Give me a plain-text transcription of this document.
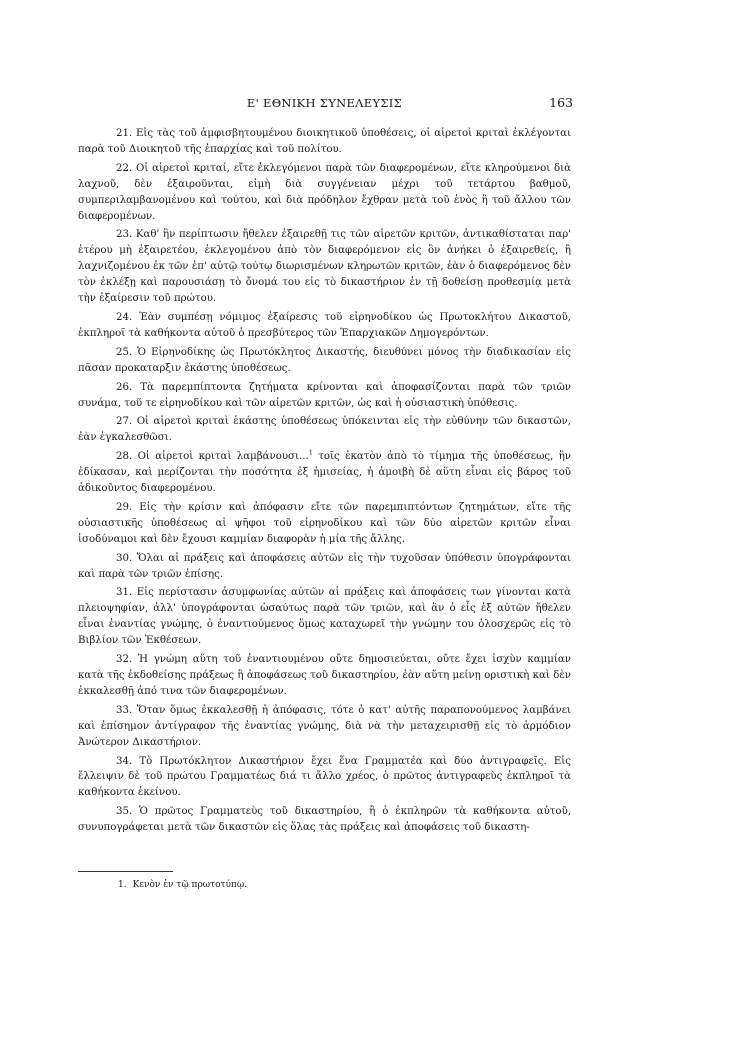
Ε' ΕΘΝΙΚΗ ΣΥΝΕΛΕΥΣΙΣ	163

21. Εἰς τὰς τοῦ ἀμφισβητουμένου διοικητικοῦ ὑποθέσεις, οἱ αἱρετοὶ κριταὶ ἐκλέγονται παρὰ τοῦ Διοικητοῦ τῆς ἐπαρχίας καὶ τοῦ πολίτου.

22. Οἱ αἱρετοὶ κριταί, εἴτε ἐκλεγόμενοι παρὰ τῶν διαφερομένων, εἴτε κληρούμενοι διὰ λαχνοῦ, δὲν ἐξαιροῦνται, εἰμὴ διὰ συγγένειαν μέχρι τοῦ τετάρτου βαθμοῦ, συμπεριλαμβανομένου καὶ τούτου, καὶ διὰ πρόδηλον ἔχθραν μετὰ τοῦ ἑνὸς ἢ τοῦ ἄλλου τῶν διαφερομένων.

23. Καθ' ἣν περίπτωσιν ἤθελεν ἐξαιρεθῇ τις τῶν αἱρετῶν κριτῶν, ἀντικαθίσταται παρ' ἑτέρου μὴ ἐξαιρετέου, ἐκλεγομένου ἀπὸ τὸν διαφερόμενον εἰς ὃν ἀνήκει ὁ ἐξαιρεθείς, ἢ λαχνιζομένου ἐκ τῶν ἐπ' αὐτῷ τούτῳ διωρισμένων κληρωτῶν κριτῶν, ἐὰν ὁ διαφερόμενος δὲν τὸν ἐκλέξῃ καὶ παρουσιάσῃ τὸ ὄνομά του εἰς τὸ δικαστήριον ἐν τῇ δοθείσῃ προθεσμίᾳ μετὰ τὴν ἐξαίρεσιν τοῦ πρώτου.

24. Ἐὰν συμπέσῃ νόμιμος ἐξαίρεσις τοῦ εἰρηνοδίκου ὡς Πρωτοκλήτου Δικαστοῦ, ἐκπληροῖ τὰ καθήκοντα αὐτοῦ ὁ πρεσβύτερος τῶν Ἐπαρχιακῶν Δημογερόντων.

25. Ὁ Εἰρηνοδίκης ὡς Πρωτόκλητος Δικαστής, διευθύνει μόνος τὴν διαδικασίαν εἰς πᾶσαν προκαταρξιν ἑκάστης ὑποθέσεως.

26. Τὰ παρεμπίπτοντα ζητήματα κρίνονται καὶ ἀποφασίζονται παρὰ τῶν τριῶν συνάμα, τοῦ τε εἰρηνοδίκου καὶ τῶν αἱρετῶν κριτῶν, ὡς καὶ ἡ οὐσιαστικὴ ὑπόθεσις.

27. Οἱ αἱρετοὶ κριταὶ ἑκάστης ὑποθέσεως ὑπόκεινται εἰς τὴν εὐθύνην τῶν δικαστῶν, ἐὰν ἐγκαλεσθῶσι.

28. Οἱ αἱρετοὶ κριταὶ λαμβάνουσι...$^1$ τοῖς ἑκατὸν ἀπὸ τὸ τίμημα τῆς ὑποθέσεως, ἣν ἐδίκασαν, καὶ μερίζονται τὴν ποσότητα ἐξ ἡμισείας, ἡ ἀμοιβὴ δὲ αὕτη εἶναι εἰς βάρος τοῦ ἀδικοῦντος διαφερομένου.

29. Εἰς τὴν κρίσιν καὶ ἀπόφασιν εἴτε τῶν παρεμπιπτόντων ζητημάτων, εἴτε τῆς οὐσιαστικῆς ὑποθέσεως αἱ ψῆφοι τοῦ εἰρηνοδίκου καὶ τῶν δύο αἱρετῶν κριτῶν εἶναι ἰσοδύναμοι καὶ δὲν ἔχουσι καμμίαν διαφορὰν ἡ μία τῆς ἄλλης.

30. Ὅλαι αἱ πράξεις καὶ ἀποφάσεις αὐτῶν εἰς τὴν τυχοῦσαν ὑπόθεσιν ὑπογράφονται καὶ παρὰ τῶν τριῶν ἐπίσης.

31. Εἰς περίστασιν ἀσυμφωνίας αὐτῶν αἱ πράξεις καὶ ἀποφάσεις των γίνονται κατὰ πλειοψηφίαν, ἀλλ' ὑπογράφονται ὡσαύτως παρὰ τῶν τριῶν, καὶ ἂν ὁ εἷς ἐξ αὐτῶν ἤθελεν εἶναι ἐναντίας γνώμης, ὁ ἐναντιούμενος ὅμως καταχωρεῖ τὴν γνώμην του ὁλοσχερῶς εἰς τὸ Βιβλίον τῶν Ἐκθέσεων.

32. Ἡ γνώμη αὕτη τοῦ ἐναντιουμένου οὔτε δημοσιεύεται, οὔτε ἔχει ἰσχὺν καμμίαν κατὰ τῆς ἐκδοθείσης πράξεως ἢ ἀποφάσεως τοῦ δικαστηρίου, ἐὰν αὕτη μείνῃ οριστικὴ καὶ δὲν ἐκκαλεσθῇ ἀπό τινα τῶν διαφερομένων.

33. Ὅταν ὅμως ἐκκαλεσθῇ ἡ ἀπόφασις, τότε ὁ κατ' αὐτῆς παραπονούμενος λαμβάνει καὶ ἐπίσημον ἀντίγραφον τῆς ἐναντίας γνώμης, διὰ νὰ τὴν μεταχειρισθῇ εἰς τὸ ἁρμόδιον Ἀνώτερον Δικαστήριον.

34. Τὸ Πρωτόκλητον Δικαστήριον ἔχει ἕνα Γραμματέα καὶ δύο ἀντιγραφεῖς. Εἰς ἔλλειψιν δὲ τοῦ πρώτου Γραμματέως διά τι ἄλλο χρέος, ὁ πρῶτος ἀντιγραφεὺς ἐκπληροῖ τὰ καθήκοντα ἐκείνου.

35. Ὁ πρῶτος Γραμματεὺς τοῦ δικαστηρίου, ἢ ὁ ἐκπληρῶν τὰ καθήκοντα αὐτοῦ, συνυπογράφεται μετὰ τῶν δικαστῶν εἰς ὅλας τὰς πράξεις καὶ ἀποφάσεις τοῦ δικαστη-

1. Κενὸν ἐν τῷ πρωτοτύπῳ.
